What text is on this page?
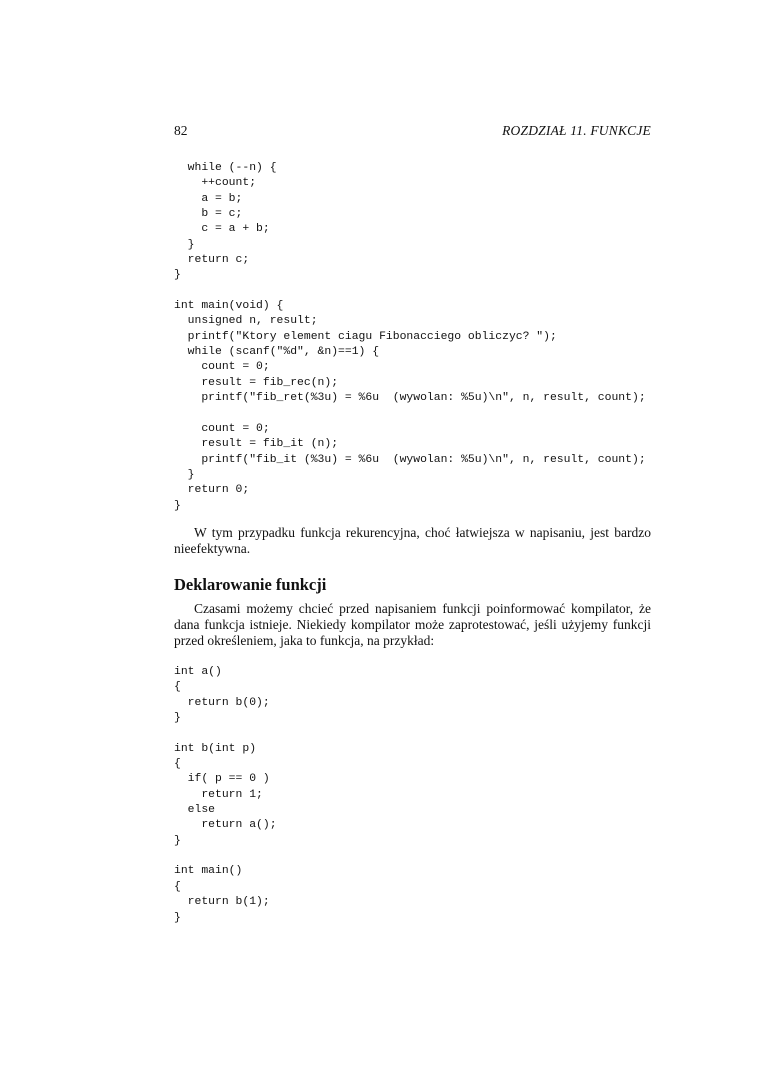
82	ROZDZIAŁ 11. FUNKCJE
while (--n) {
++count;
a = b;
b = c;
c = a + b;
}
return c;
}

int main(void) {
unsigned n, result;
printf("Ktory element ciagu Fibonacciego obliczyc? ");
while (scanf("%d", &n)==1) {
count = 0;
result = fib_rec(n);
printf("fib_ret(%3u) = %6u  (wywolan: %5u)\n", n, result, count);

count = 0;
result = fib_it (n);
printf("fib_it (%3u) = %6u  (wywolan: %5u)\n", n, result, count);
}
return 0;
}

W tym przypadku funkcja rekurencyjna, choć łatwiejsza w napisaniu, jest bardzo nieefektywna.

Deklarowanie funkcji

Czasami możemy chcieć przed napisaniem funkcji poinformować kompilator, że dana funkcja istnieje. Niekiedy kompilator może zaprotestować, jeśli użyjemy funkcji przed określeniem, jaka to funkcja, na przykład:

int a()
{
return b(0);
}

int b(int p)
{
if( p == 0 )
return 1;
else
return a();
}

int main()
{
return b(1);
}
